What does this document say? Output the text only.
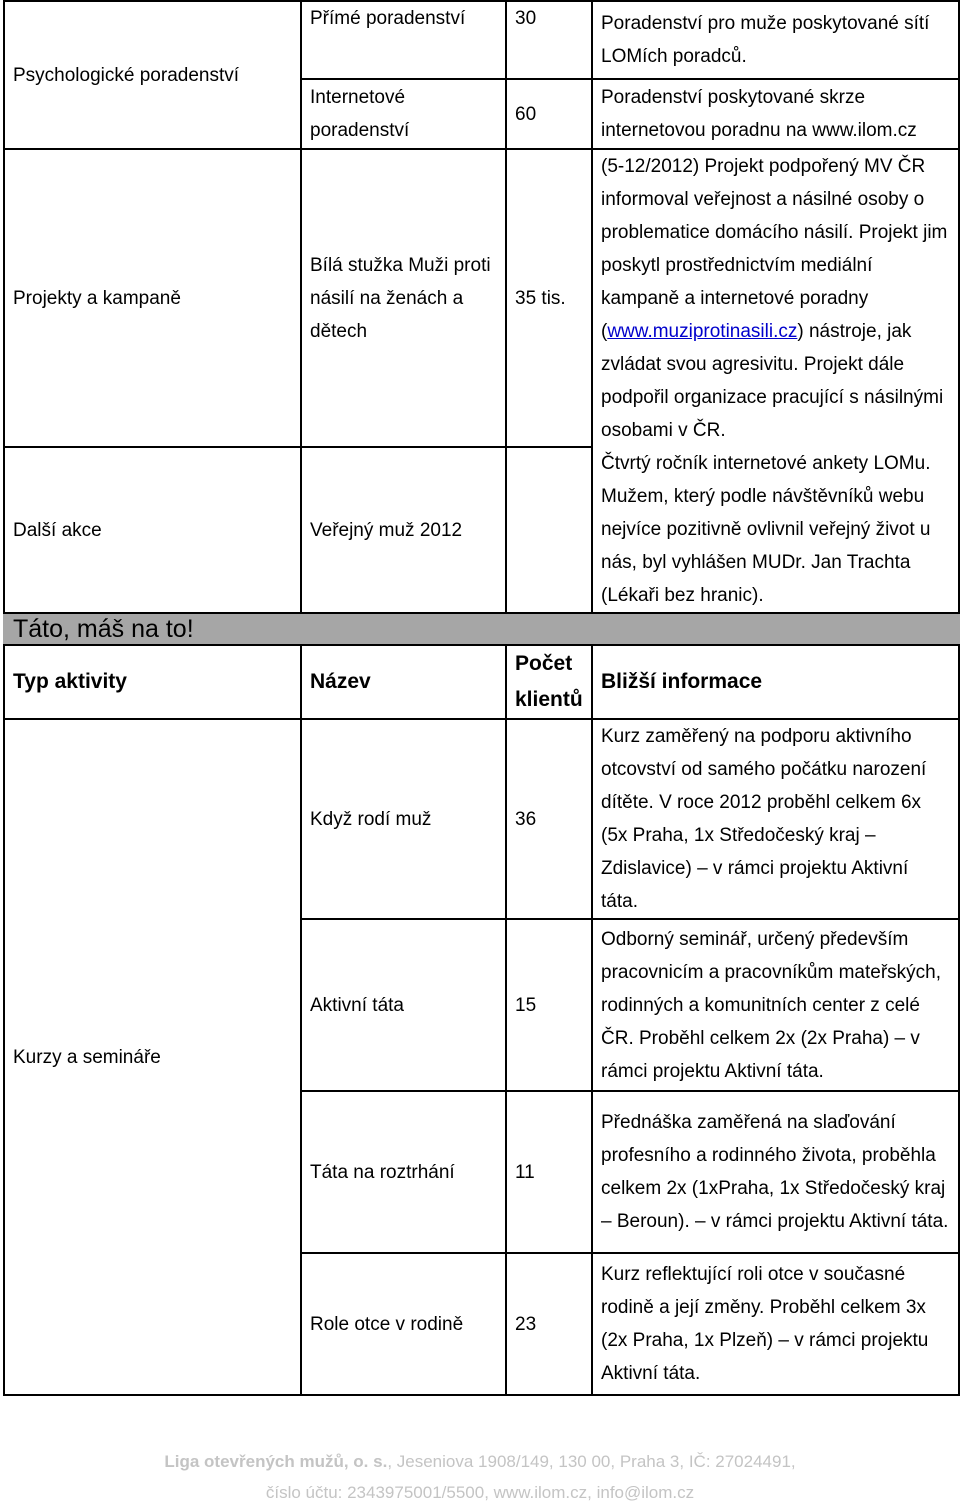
Psychologické poradenství	Přímé poradenství	30	Poradenství pro muže poskytované sítí LOMích poradců.
	Internetové poradenství	60	Poradenství poskytované skrze internetovou poradnu na www.ilom.cz
Projekty a kampaně	Bílá stužka Muži proti násilí na ženách a dětech	35 tis.	(5-12/2012) Projekt podpořený MV ČR informoval veřejnost a násilné osoby o problematice domácího násilí. Projekt jim poskytl prostřednictvím mediální kampaně a internetové poradny (www.muziprotinasili.cz) nástroje, jak zvládat svou agresivitu. Projekt dále podpořil organizace pracující s násilnými osobami v ČR.
Další akce	Veřejný muž 2012		Čtvrtý ročník internetové ankety LOMu. Mužem, který podle návštěvníků webu nejvíce pozitivně ovlivnil veřejný život u nás, byl vyhlášen MUDr. Jan Trachta (Lékaři bez hranic).
Táto, máš na to!			
Typ aktivity	Název	Počet klientů	Bližší informace
Kurzy a semináře	Když rodí muž	36	Kurz zaměřený na podporu aktivního otcovství od samého počátku narození dítěte. V roce 2012 proběhl celkem 6x (5x Praha, 1x Středočeský kraj – Zdislavice) – v rámci projektu Aktivní táta.
	Aktivní táta	15	Odborný seminář, určený především pracovnicím a pracovníkům mateřských, rodinných a komunitních center z celé ČR. Proběhl celkem 2x (2x Praha) – v rámci projektu Aktivní táta.
	Táta na roztrhání	11	Přednáška zaměřená na slaďování profesního a rodinného života, proběhla celkem 2x (1xPraha, 1x Středočeský kraj – Beroun). – v rámci projektu Aktivní táta.
	Role otce v rodině	23	Kurz reflektující roli otce v současné rodině a její změny. Proběhl celkem 3x (2x Praha, 1x Plzeň) – v rámci projektu Aktivní táta.
Liga otevřených mužů, o. s., Jeseniova 1908/149, 130 00, Praha 3, IČ: 27024491,
číslo účtu: 2343975001/5500, www.ilom.cz, info@ilom.cz
